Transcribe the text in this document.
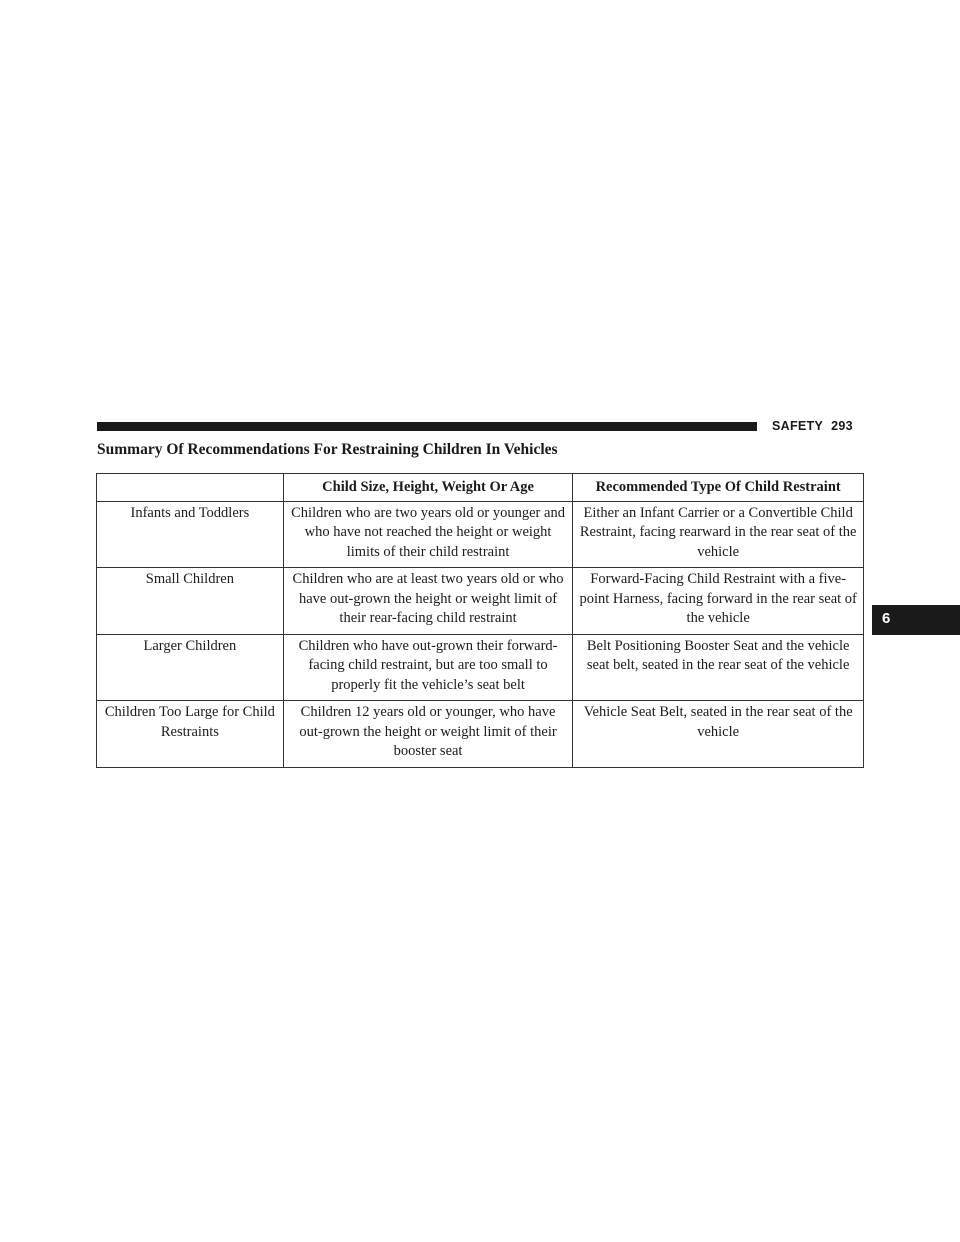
SAFETY 293
6
Summary Of Recommendations For Restraining Children In Vehicles
	Child Size, Height, Weight Or Age	Recommended Type Of Child Restraint
Infants and Toddlers	Children who are two years old or younger and who have not reached the height or weight limits of their child restraint	Either an Infant Carrier or a Convertible Child Restraint, facing rearward in the rear seat of the vehicle
Small Children	Children who are at least two years old or who have out-grown the height or weight limit of their rear-facing child restraint	Forward-Facing Child Restraint with a five-point Harness, facing forward in the rear seat of the vehicle
Larger Children	Children who have out-grown their forward-facing child restraint, but are too small to properly fit the vehicle’s seat belt	Belt Positioning Booster Seat and the vehicle seat belt, seated in the rear seat of the vehicle
Children Too Large for Child Restraints	Children 12 years old or younger, who have out-grown the height or weight limit of their booster seat	Vehicle Seat Belt, seated in the rear seat of the vehicle
